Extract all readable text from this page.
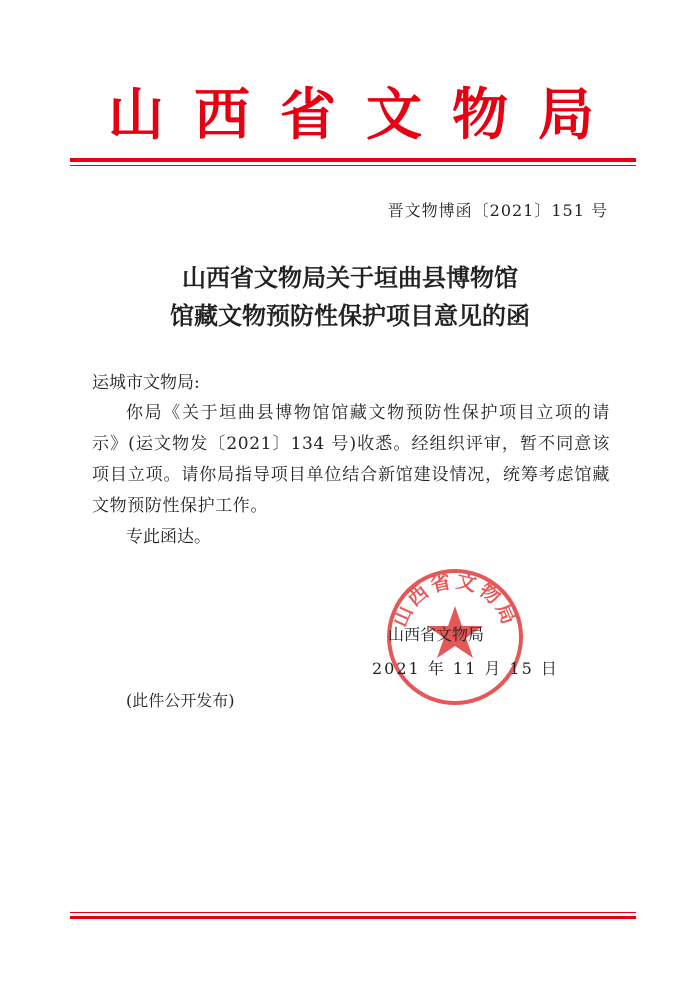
山 西 省 文 物 局
晋文物博函〔2021〕151 号
山西省文物局关于垣曲县博物馆
馆藏文物预防性保护项目意见的函

运城市文物局:

你局《关于垣曲县博物馆馆藏文物预防性保护项目立项的请示》(运文物发〔2021〕134 号)收悉。经组织评审，暂不同意该项目立项。请你局指导项目单位结合新馆建设情况，统筹考虑馆藏文物预防性保护工作。

专此函达。

山西省文物局
山西省文物局
2021 年 11 月 15 日
(此件公开发布)
